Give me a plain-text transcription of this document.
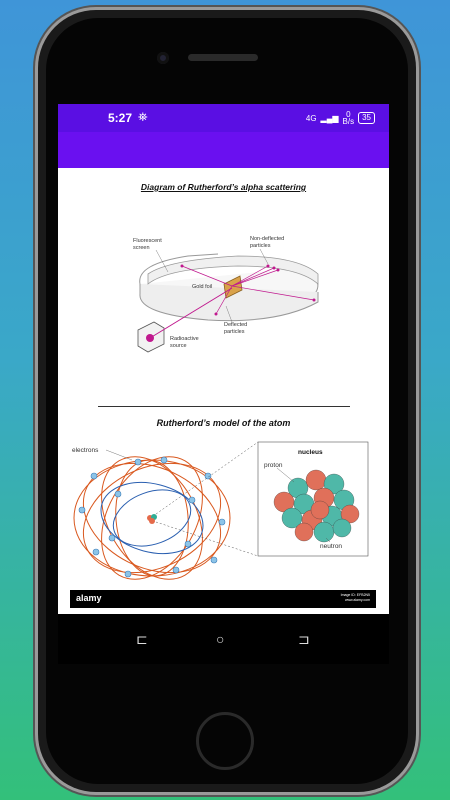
5:27 ⛯	4G ▂▄▆ 0
B/s	35
Diagram of Rutherford’s alpha scattering
Fluorescent
screen
Non-deflected
particles
Gold foil
Deflected
particles
Radioactive
source
Rutherford’s model of the atom
electrons	nucleus
proton
neutron
alamy	Image ID: EFB2N5
www.alamy.com
⊏	○	⊐
